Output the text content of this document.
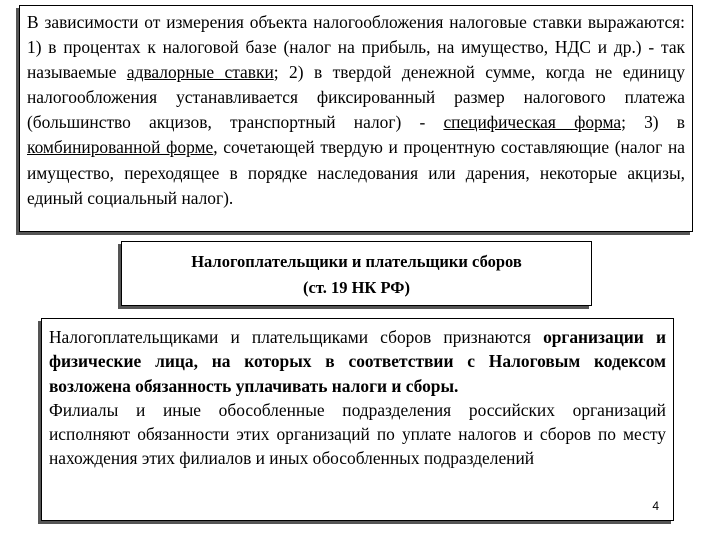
В зависимости от измерения объекта налогообложения налоговые ставки выражаются: 1) в процентах к налоговой базе (налог на прибыль, на имущество, НДС и др.) - так называемые адвалорные ставки; 2) в твердой денежной сумме, когда не единицу налогообложения устанавливается фиксированный размер налогового платежа (большинство акцизов, транспортный налог) - специфическая форма; 3) в комбинированной форме, сочетающей твердую и процентную составляющие (налог на имущество, переходящее в порядке наследования или дарения, некоторые акцизы, единый социальный налог).

Налогоплательщики и плательщики сборов
(ст. 19 НК РФ)

Налогоплательщиками и плательщиками сборов признаются организации и физические лица, на которых в соответствии с Налоговым кодексом возложена обязанность уплачивать налоги и сборы.

Филиалы и иные обособленные подразделения российских организаций исполняют обязанности этих организаций по уплате налогов и сборов по месту нахождения этих филиалов и иных обособленных подразделений

4
